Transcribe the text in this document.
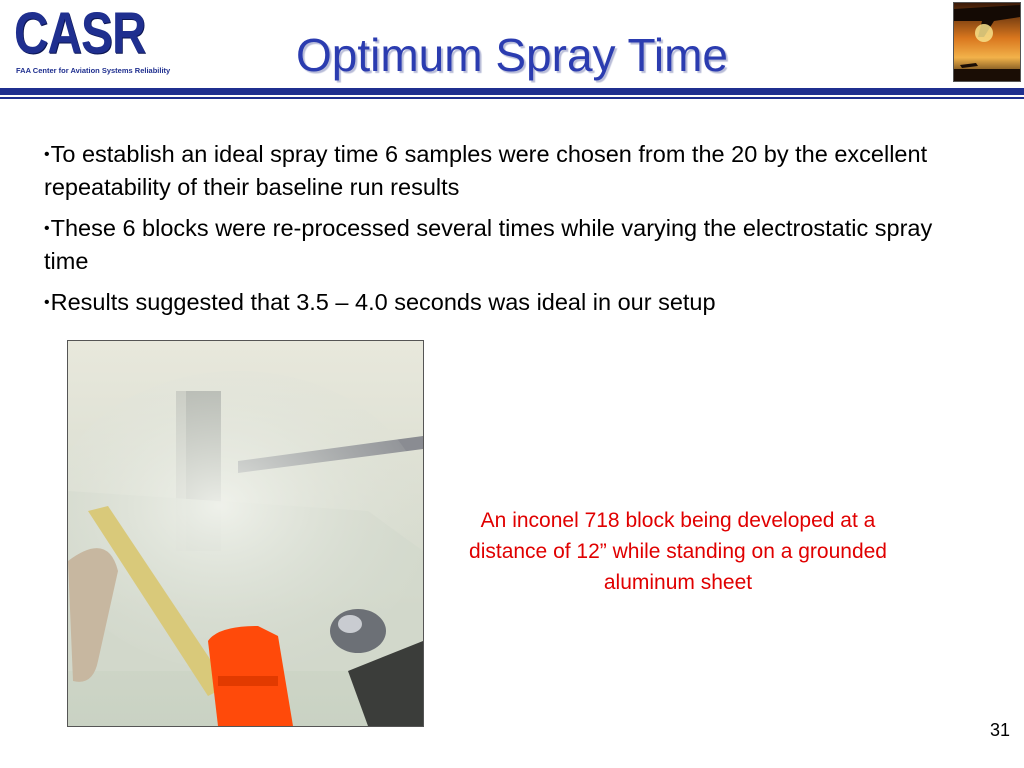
CASR
FAA Center for Aviation Systems Reliability	Optimum Spray Time
•To establish an ideal spray time 6 samples were chosen from the 20 by the excellent repeatability of their baseline run results
•These 6 blocks were re-processed several times while varying the electrostatic spray time
•Results suggested that 3.5 – 4.0 seconds was ideal in our setup

An inconel 718 block being developed at a distance of 12” while standing on a grounded aluminum sheet

31
